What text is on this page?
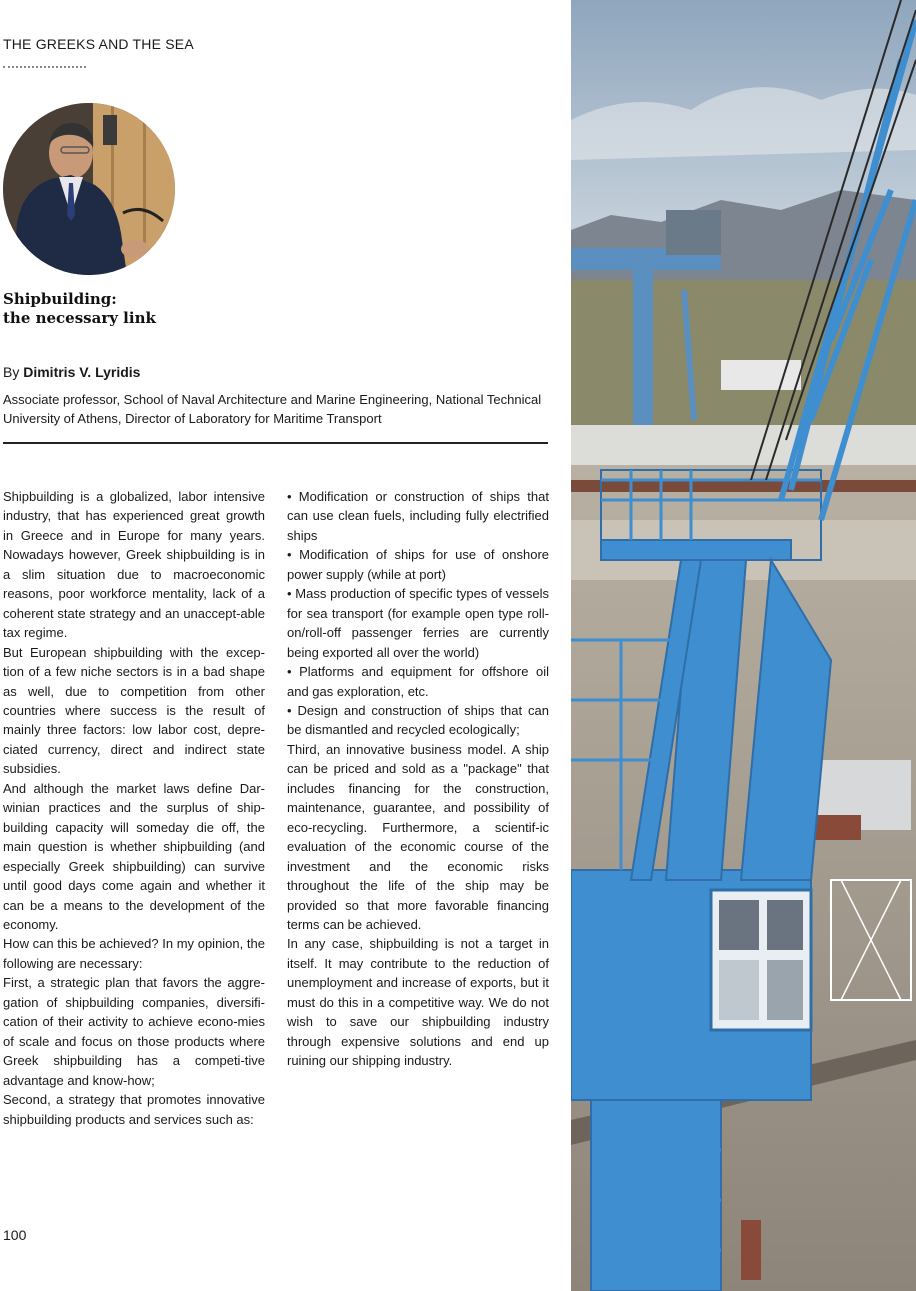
THE GREEKS AND THE SEA
Shipbuilding:
the necessary link
By Dimitris V. Lyridis
Associate professor, School of Naval Architecture and Marine Engineering, National Technical University of Athens, Director of Laboratory for Maritime Transport

Shipbuilding is a globalized, labor intensive industry, that has experienced great growth in Greece and in Europe for many years. Nowadays however, Greek shipbuilding is in a slim situation due to macroeconomic reasons, poor workforce mentality, lack of a coherent state strategy and an unaccept-able tax regime.

But European shipbuilding with the excep-tion of a few niche sectors is in a bad shape as well, due to competition from other countries where success is the result of mainly three factors: low labor cost, depre-ciated currency, direct and indirect state subsidies.

And although the market laws define Dar-winian practices and the surplus of ship-building capacity will someday die off, the main question is whether shipbuilding (and especially Greek shipbuilding) can survive until good days come again and whether it can be a means to the development of the economy.

How can this be achieved? In my opinion, the following are necessary:

First, a strategic plan that favors the aggre-gation of shipbuilding companies, diversifi-cation of their activity to achieve econo-mies of scale and focus on those products where Greek shipbuilding has a competi-tive advantage and know-how;

Second, a strategy that promotes innovative shipbuilding products and services such as:

• Modification or construction of ships that can use clean fuels, including fully electrified ships

• Modification of ships for use of onshore power supply (while at port)

• Mass production of specific types of vessels for sea transport (for example open type roll-on/roll-off passenger ferries are currently being exported all over the world)

• Platforms and equipment for offshore oil and gas exploration, etc.

• Design and construction of ships that can be dismantled and recycled ecologically;

Third, an innovative business model. A ship can be priced and sold as a "package" that includes financing for the construction, maintenance, guarantee, and possibility of eco-recycling. Furthermore, a scientif-ic evaluation of the economic course of the investment and the economic risks throughout the life of the ship may be provided so that more favorable financing terms can be achieved.

In any case, shipbuilding is not a target in itself. It may contribute to the reduction of unemployment and increase of exports, but it must do this in a competitive way. We do not wish to save our shipbuilding industry through expensive solutions and end up ruining our shipping industry.

100
